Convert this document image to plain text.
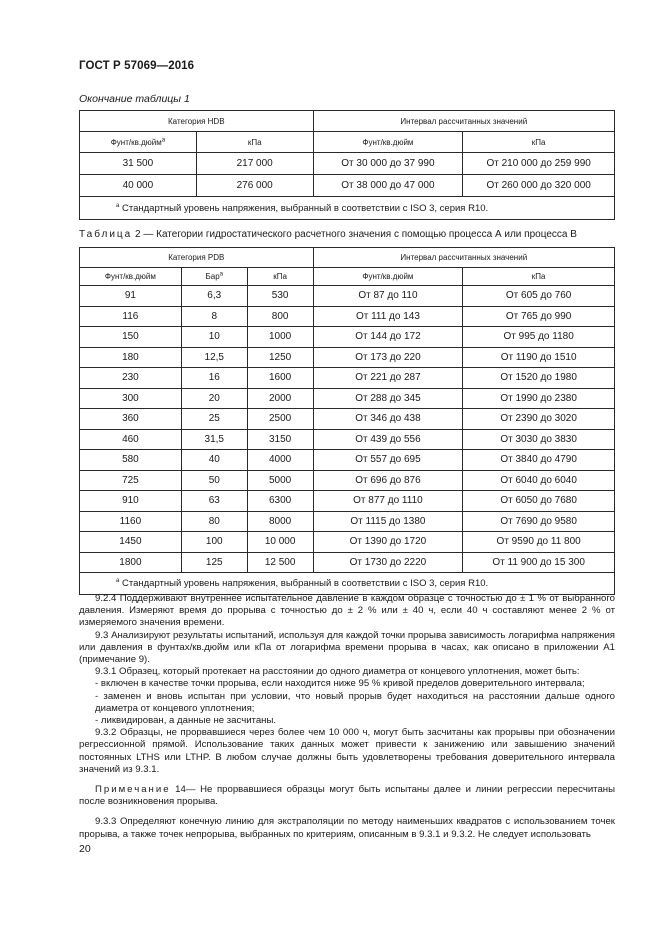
ГОСТ Р 57069—2016
Окончание таблицы 1
Категория HDB		Интервал рассчитанных значений	
Фунт/кв.дюйм$^а$	кПа	Фунт/кв.дюйм	кПа
31 500	217 000	От 30 000 до 37 990	От 210 000 до 259 990
40 000	276 000	От 38 000 до 47 000	От 260 000 до 320 000
$^а$ Стандартный уровень напряжения, выбранный в соответствии с ISO 3, серия R10.			
Таблица 2 — Категории гидростатического расчетного значения с помощью процесса А или процесса В
Категория PDB			Интервал рассчитанных значений	
Фунт/кв.дюйм	Бар$^а$	кПа	Фунт/кв.дюйм	кПа
91	6,3	530	От 87 до 110	От 605 до 760
116	8	800	От 111 до 143	От 765 до 990
150	10	1000	От 144 до 172	От 995 до 1180
180	12,5	1250	От 173 до 220	От 1190 до 1510
230	16	1600	От 221 до 287	От 1520 до 1980
300	20	2000	От 288 до 345	От 1990 до 2380
360	25	2500	От 346 до 438	От 2390 до 3020
460	31,5	3150	От 439 до 556	От 3030 до 3830
580	40	4000	От 557 до 695	От 3840 до 4790
725	50	5000	От 696 до 876	От 6040 до 6040
910	63	6300	От 877 до 1110	От 6050 до 7680
1160	80	8000	От 1115 до 1380	От 7690 до 9580
1450	100	10 000	От 1390 до 1720	От 9590 до 11 800
1800	125	12 500	От 1730 до 2220	От 11 900 до 15 300
$^а$ Стандартный уровень напряжения, выбранный в соответствии с ISO 3, серия R10.				

9.2.4 Поддерживают внутреннее испытательное давление в каждом образце с точностью до ± 1 % от выбранного давления. Измеряют время до прорыва с точностью до ± 2 % или ± 40 ч, если 40 ч составляют менее 2 % от измеряемого значения времени.

9.3 Анализируют результаты испытаний, используя для каждой точки прорыва зависимость логарифма напряжения или давления в фунтах/кв.дюйм или кПа от логарифма времени прорыва в часах, как описано в приложении А1 (примечание 9).

9.3.1 Образец, который протекает на расстоянии до одного диаметра от концевого уплотнения, может быть:

- включен в качестве точки прорыва, если находится ниже 95 % кривой пределов доверительного интервала;

- заменен и вновь испытан при условии, что новый прорыв будет находиться на расстоянии дальше одного диаметра от концевого уплотнения;

- ликвидирован, а данные не засчитаны.

9.3.2 Образцы, не прорвавшиеся через более чем 10 000 ч, могут быть засчитаны как прорывы при обозначении регрессионной прямой. Использование таких данных может привести к занижению или завышению значений постоянных LTHS или LTHP. В любом случае должны быть удовлетворены требования доверительного интервала значений из 9.3.1.

Примечание 14— Не прорвавшиеся образцы могут быть испытаны далее и линии регрессии пересчитаны после возникновения прорыва.

9.3.3 Определяют конечную линию для экстраполяции по методу наименьших квадратов с использованием точек прорыва, а также точек непрорыва, выбранных по критериям, описанным в 9.3.1 и 9.3.2. Не следует использовать

20
